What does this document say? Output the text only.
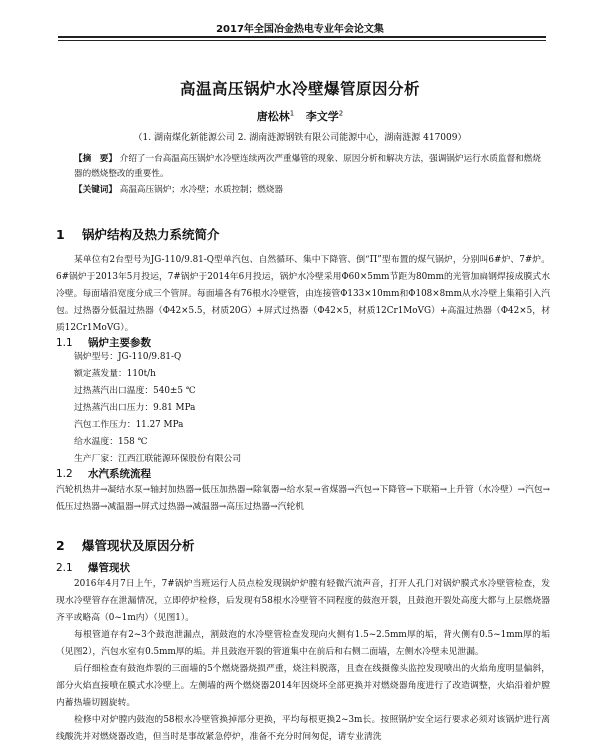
2017年全国冶金热电专业年会论文集
高温高压锅炉水冷壁爆管原因分析
唐松林$^1$ 李文学$^2$
（1. 湖南煤化新能源公司 2. 湖南涟源钢铁有限公司能源中心，湖南涟源 417009）
【摘　要】 介绍了一台高温高压锅炉水冷壁连续两次严重爆管的现象、原因分析和解决方法，强调锅炉运行水质监督和燃烧器的燃烧整改的重要性。
【关键词】 高温高压锅炉；水冷壁；水质控制；燃烧器
1 锅炉结构及热力系统简介
某单位有2台型号为JG-110/9.81-Q型单汽包、自然循环、集中下降管、倒“П”型布置的煤气锅炉，分别叫6#炉、7#炉。6#锅炉于2013年5月投运，7#锅炉于2014年6月投运，锅炉水冷壁采用Φ60×5mm节距为80mm的光管加扁钢焊接成膜式水冷壁。每面墙沿宽度分成三个管屏。每面墙各有76根水冷壁管，由连接管Φ133×10mm和Φ108×8mm从水冷壁上集箱引入汽包。过热器分低温过热器（Φ42×5.5，材质20G）+屏式过热器（Φ42×5，材质12Cr1MoVG）+高温过热器（Φ42×5，材质12Cr1MoVG）。
1.1 锅炉主要参数
锅炉型号：JG-110/9.81-Q
额定蒸发量：110t/h
过热蒸汽出口温度：540±5 ℃
过热蒸汽出口压力：9.81 MPa
汽包工作压力：11.27 MPa
给水温度：158 ℃
生产厂家：江西江联能源环保股份有限公司
1.2 水汽系统流程
汽轮机热井→凝结水泵→轴封加热器→低压加热器→除氧器→给水泵→省煤器→汽包→下降管→下联箱→上升管（水冷壁）→汽包→低压过热器→减温器→屏式过热器→减温器→高压过热器→汽轮机
2 爆管现状及原因分析
2.1 爆管现状
2016年4月7日上午，7#锅炉当班运行人员点检发现锅炉炉膛有轻微汽流声音，打开人孔门对锅炉膜式水冷壁管检查，发现水冷壁管存在泄漏情况，立即停炉检修，后发现有58根水冷壁管不同程度的鼓泡开裂，且鼓泡开裂处高度大都与上层燃烧器齐平或略高（0~1m内）（见图1）。
每根管道存有2~3个鼓泡泄漏点，割鼓泡的水冷壁管检查发现向火侧有1.5~2.5mm厚的垢，背火侧有0.5~1mm厚的垢（见图2），汽包水室有0.5mm厚的垢。并且鼓泡开裂的管道集中在前后和右侧二面墙，左侧水冷壁未见泄漏。
后仔细检查有鼓泡炸裂的三面墙的5个燃烧器烧损严重，烧注料脱落，且查在线摄像头监控发现喷出的火焰角度明显偏斜，部分火焰直接喷在膜式水冷壁上。左侧墙的两个燃烧器2014年因烧坏全部更换并对燃烧器角度进行了改造调整，火焰沿着炉膛内蓄热墙切圆旋转。
检修中对炉膛内鼓泡的58根水冷壁管换掉部分更换，平均每根更换2~3m长。按照锅炉安全运行要求必须对该锅炉进行离线酸洗并对燃烧器改造，但当时是事故紧急停炉，准备不充分时间匆促，请专业清洗
